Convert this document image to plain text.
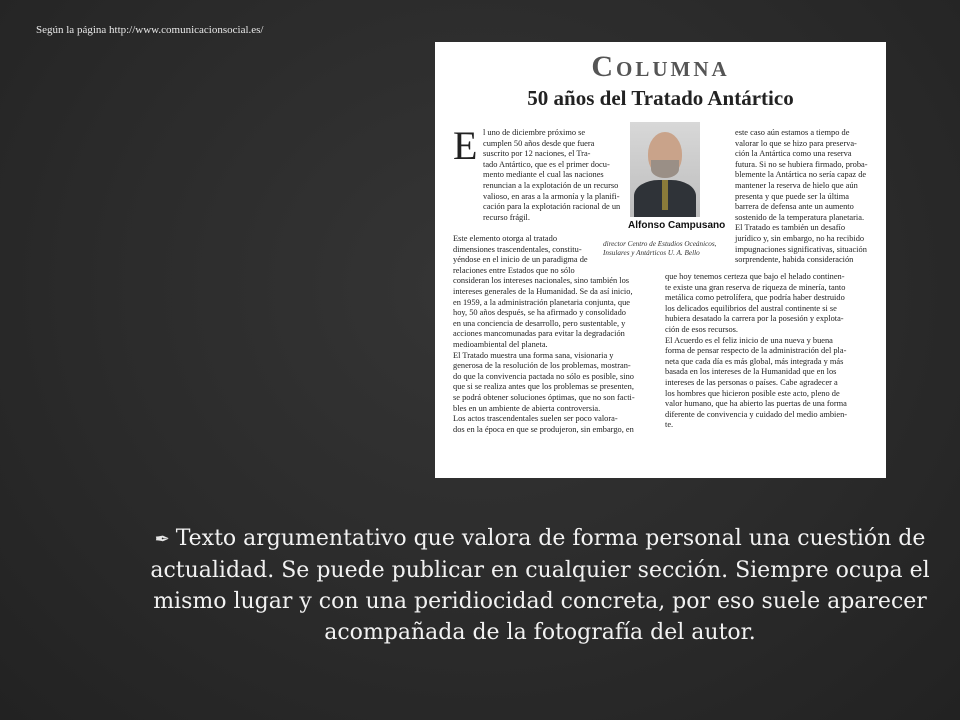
Según la página http://www.comunicacionsocial.es/
Columna
50 años del Tratado Antártico
E l uno de diciembre próximo se
cumplen 50 años desde que fuera
suscrito por 12 naciones, el Tra-
tado Antártico, que es el primer docu-
mento mediante el cual las naciones
renuncian a la explotación de un recurso
valioso, en aras a la armonía y la planifi-
cación para la explotación racional de un
recurso frágil.
Este elemento otorga al tratado
dimensiones trascendentales, constitu-
yéndose en el inicio de un paradigma de
relaciones entre Estados que no sólo
consideran los intereses nacionales, sino también los
intereses generales de la Humanidad. Se da así inicio,
en 1959, a la administración planetaria conjunta, que
hoy, 50 años después, se ha afirmado y consolidado
en una conciencia de desarrollo, pero sustentable, y
acciones mancomunadas para evitar la degradación
medioambiental del planeta.
El Tratado muestra una forma sana, visionaria y
generosa de la resolución de los problemas, mostran-
do que la convivencia pactada no sólo es posible, sino
que si se realiza antes que los problemas se presenten,
se podrá obtener soluciones óptimas, que no son facti-
bles en un ambiente de abierta controversia.
Los actos trascendentales suelen ser poco valora-
dos en la época en que se produjeron, sin embargo, en
Alfonso Campusano
director Centro de Estudios Oceánicos,
Insulares y Antárticos U. A. Bello
este caso aún estamos a tiempo de
valorar lo que se hizo para preserva-
ción la Antártica como una reserva
futura. Si no se hubiera firmado, proba-
blemente la Antártica no sería capaz de
mantener la reserva de hielo que aún
presenta y que puede ser la última
barrera de defensa ante un aumento
sostenido de la temperatura planetaria.
El Tratado es también un desafío
jurídico y, sin embargo, no ha recibido
impugnaciones significativas, situación
sorprendente, habida consideración
que hoy tenemos certeza que bajo el helado continen-
te existe una gran reserva de riqueza de minería, tanto
metálica como petrolífera, que podría haber destruido
los delicados equilibrios del austral continente si se
hubiera desatado la carrera por la posesión y explota-
ción de esos recursos.
El Acuerdo es el feliz inicio de una nueva y buena
forma de pensar respecto de la administración del pla-
neta que cada día es más global, más integrada y más
basada en los intereses de la Humanidad que en los
intereses de las personas o países. Cabe agradecer a
los hombres que hicieron posible este acto, pleno de
valor humano, que ha abierto las puertas de una forma
diferente de convivencia y cuidado del medio ambien-
te.
✒ Texto argumentativo que valora de forma personal una cuestión de actualidad. Se puede publicar en cualquier sección. Siempre ocupa el mismo lugar y con una peridiocidad concreta, por eso suele aparecer acompañada de la fotografía del autor.
